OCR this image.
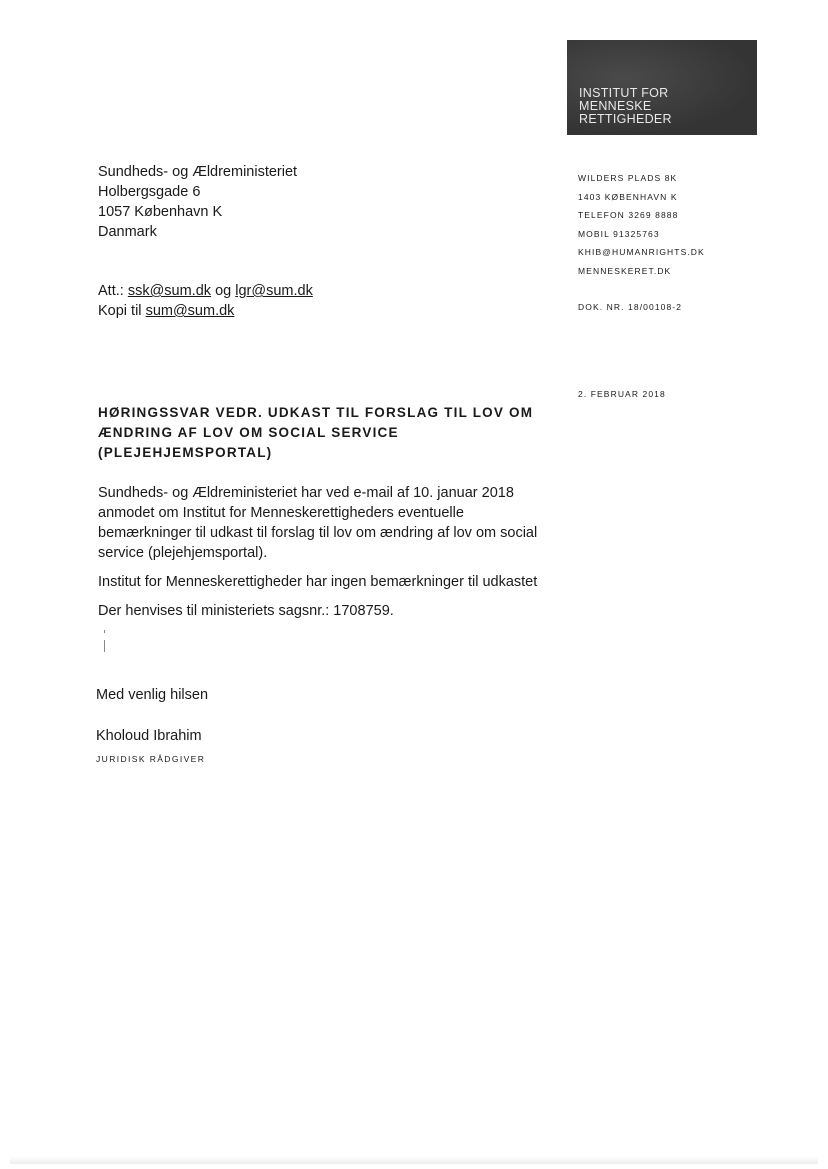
INSTITUT FOR
MENNESKE
RETTIGHEDER
Sundheds- og Ældreministeriet
Holbergsgade 6
1057 København K
Danmark
Att.: ssk@sum.dk og lgr@sum.dk
Kopi til sum@sum.dk
WILDERS PLADS 8K
1403 KØBENHAVN K
TELEFON 3269 8888
MOBIL 91325763
KHIB@HUMANRIGHTS.DK
MENNESKERET.DK
DOK. NR. 18/00108-2
2. FEBRUAR 2018
HØRINGSSVAR VEDR. UDKAST TIL FORSLAG TIL LOV OM
ÆNDRING AF LOV OM SOCIAL SERVICE
(PLEJEHJEMSPORTAL)

Sundheds- og Ældreministeriet har ved e-mail af 10. januar 2018 anmodet om Institut for Menneskerettigheders eventuelle bemærkninger til udkast til forslag til lov om ændring af lov om social service (plejehjemsportal).

Institut for Menneskerettigheder har ingen bemærkninger til udkastet

Der henvises til ministeriets sagsnr.: 1708759.

Med venlig hilsen
Kholoud Ibrahim
JURIDISK RÅDGIVER
